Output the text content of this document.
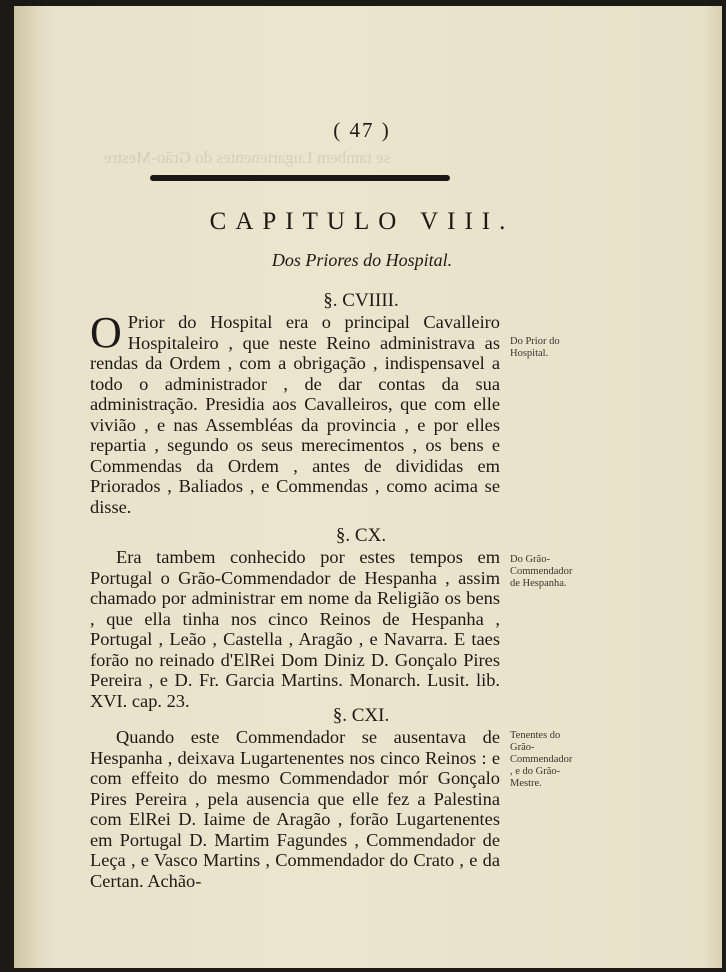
se tambem Lugartenentes do Grão-Mestre
( 47 )
CAPITULO VIII.
Dos Priores do Hospital.
§. CVIIII.
O Prior do Hospital era o principal Cavalleiro Hospitaleiro , que neste Reino administrava as rendas da Ordem , com a obrigação , indispensavel a todo o administrador , de dar contas da sua administração. Presidia aos Cavalleiros, que com elle vivião , e nas Assembléas da provincia , e por elles repartia , segundo os seus merecimentos , os bens e Commendas da Ordem , antes de divididas em Priorados , Baliados , e Commendas , como acima se disse.
Do Prior do Hospital.
§. CX.

Era tambem conhecido por estes tempos em Portugal o Grão-Commendador de Hespanha , assim chamado por administrar em nome da Religião os bens , que ella tinha nos cinco Reinos de Hespanha , Portugal , Leão , Castella , Aragão , e Navarra. E taes forão no reinado d'ElRei Dom Diniz D. Gonçalo Pires Pereira , e D. Fr. Garcia Martins. Monarch. Lusit. lib. XVI. cap. 23.

Do Grão-Commendador de Hespanha.
§. CXI.

Quando este Commendador se ausentava de Hespanha , deixava Lugartenentes nos cinco Reinos : e com effeito do mesmo Commendador mór Gonçalo Pires Pereira , pela ausencia que elle fez a Palestina com ElRei D. Iaime de Aragão , forão Lugartenentes em Portugal D. Martim Fagundes , Commendador de Leça , e Vasco Martins , Commendador do Crato , e da Certan. Achão-

Tenentes do Grão-Commendador , e do Grão-Mestre.
